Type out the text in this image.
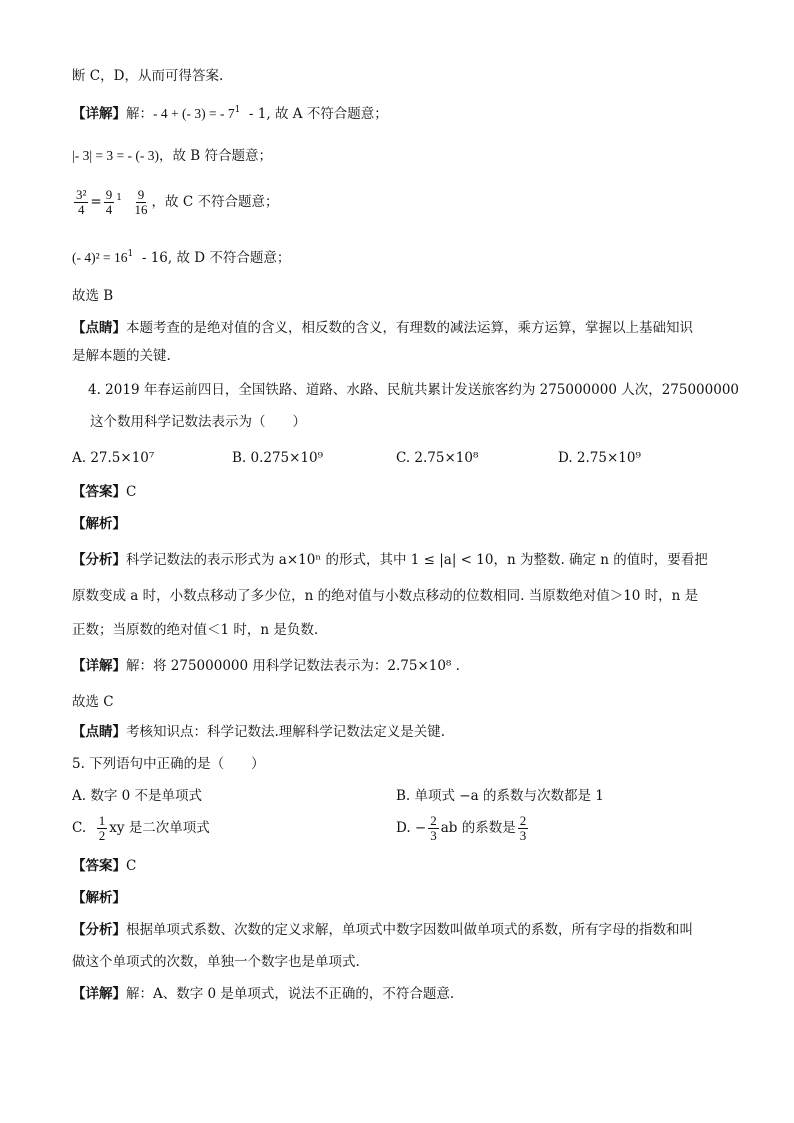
断 C，D，从而可得答案.
【详解】解：- 4 + (- 3) = - $7^1 - 1$, 故 A 不符合题意；
|- 3| = 3 = - (- 3)，故 B 符合题意；
$\frac{\text{3²}}{4} = \frac{9}{4} ^1 \frac{9}{16}$ ，故 C 不符合题意；
(- $4)^2 = 16^1 - 16$, 故 D 不符合题意；
故选 B
【点睛】本题考查的是绝对值的含义，相反数的含义，有理数的减法运算，乘方运算，掌握以上基础知识
是解本题的关键.
4. 2019 年春运前四日，全国铁路、道路、水路、民航共累计发送旅客约为 275000000 人次，275000000
这个数用科学记数法表示为（　　）
A. 27.5×10⁷	B. 0.275×10⁹	C. 2.75×10⁸	D. 2.75×10⁹
【答案】C
【解析】
【分析】科学记数法的表示形式为 a×10ⁿ 的形式，其中 1 ≤ |a| < 10，n 为整数. 确定 n 的值时，要看把
原数变成 a 时，小数点移动了多少位，n 的绝对值与小数点移动的位数相同. 当原数绝对值＞10 时，n 是
正数；当原数的绝对值＜1 时，n 是负数.
【详解】解：将 275000000 用科学记数法表示为：2.75×10⁸ .
故选 C
【点睛】考核知识点：科学记数法.理解科学记数法定义是关键.
5. 下列语句中正确的是（　　）
A. 数字 0 不是单项式	B. 单项式 −a 的系数与次数都是 1
C. $\frac{1}{2}$ xy 是二次单项式	D. − $\frac{2}{3}$ ab 的系数是 $\frac{2}{3}$
【答案】C
【解析】
【分析】根据单项式系数、次数的定义求解，单项式中数字因数叫做单项式的系数，所有字母的指数和叫
做这个单项式的次数，单独一个数字也是单项式.
【详解】解：A、数字 0 是单项式，说法不正确的，不符合题意.
